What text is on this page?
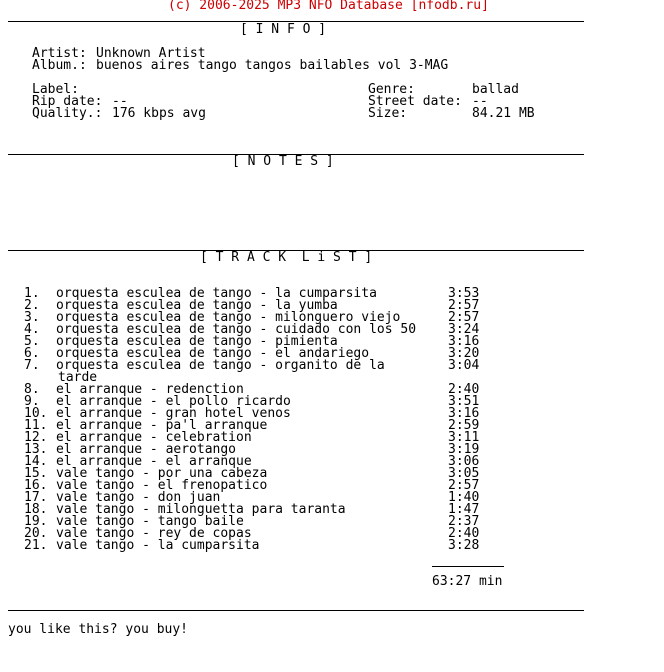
(c) 2006-2025 MP3 NFO Database [nfodb.ru]
[ I N F O ]
Artist: Unknown Artist
Album.: buenos aires tango tangos bailables vol 3-MAG
Label:	Genre:	ballad
Rip date: --	Street date: --
Quality.: 176 kbps avg	Size:	84.21 MB
[ N O T E S ]
[ T R A C K  L i S T ]
1. orquesta esculea de tango - la cumparsita	3:53
2. orquesta esculea de tango - la yumba	2:57
3. orquesta esculea de tango - milonguero viejo	2:57
4. orquesta esculea de tango - cuidado con los 50 3:24
5. orquesta esculea de tango - pimienta	3:16
6. orquesta esculea de tango - el andariego	3:20
7. orquesta esculea de tango - organito de la	3:04
tarde
8. el arranque - redenction	2:40
9. el arranque - el pollo ricardo	3:51
10. el arranque - gran hotel venos	3:16
11. el arranque - pa'l arranque	2:59
12. el arranque - celebration	3:11
13. el arranque - aerotango	3:19
14. el arranque - el arranque	3:06
15. vale tango - por una cabeza	3:05
16. vale tango - el frenopatico	2:57
17. vale tango - don juan	1:40
18. vale tango - milonguetta para taranta	1:47
19. vale tango - tango baile	2:37
20. vale tango - rey de copas	2:40
21. vale tango - la cumparsita	3:28
63:27 min
you like this? you buy!
